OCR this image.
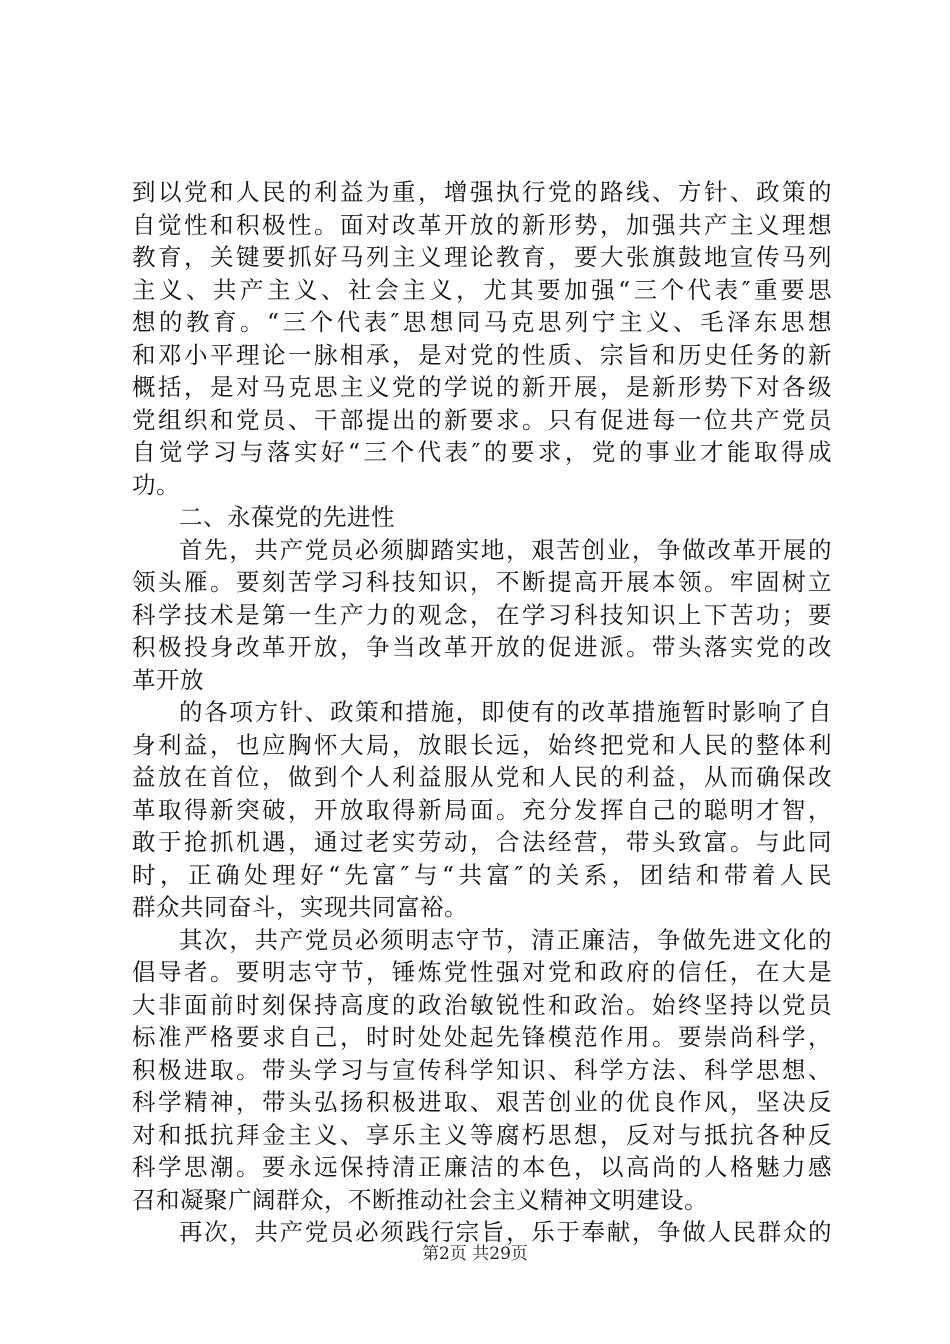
到以党和人民的利益为重，增强执行党的路线、方针、政策的
自觉性和积极性。面对改革开放的新形势，加强共产主义理想
教育，关键要抓好马列主义理论教育，要大张旗鼓地宣传马列
主义、共产主义、社会主义，尤其要加强“三个代表″重要思
想的教育。“三个代表″思想同马克思列宁主义、毛泽东思想
和邓小平理论一脉相承，是对党的性质、宗旨和历史任务的新
概括，是对马克思主义党的学说的新开展，是新形势下对各级
党组织和党员、干部提出的新要求。只有促进每一位共产党员
自觉学习与落实好“三个代表″的要求，党的事业才能取得成
功。
二、永葆党的先进性
首先，共产党员必须脚踏实地，艰苦创业，争做改革开展的
领头雁。要刻苦学习科技知识，不断提高开展本领。牢固树立
科学技术是第一生产力的观念，在学习科技知识上下苦功；要
积极投身改革开放，争当改革开放的促进派。带头落实党的改
革开放
的各项方针、政策和措施，即使有的改革措施暂时影响了自
身利益，也应胸怀大局，放眼长远，始终把党和人民的整体利
益放在首位，做到个人利益服从党和人民的利益，从而确保改
革取得新突破，开放取得新局面。充分发挥自己的聪明才智，
敢于抢抓机遇，通过老实劳动，合法经营，带头致富。与此同
时，正确处理好“先富″与“共富″的关系，团结和带着人民
群众共同奋斗，实现共同富裕。
其次，共产党员必须明志守节，清正廉洁，争做先进文化的
倡导者。要明志守节，锤炼党性强对党和政府的信任，在大是
大非面前时刻保持高度的政治敏锐性和政治。始终坚持以党员
标准严格要求自己，时时处处起先锋模范作用。要崇尚科学，
积极进取。带头学习与宣传科学知识、科学方法、科学思想、
科学精神，带头弘扬积极进取、艰苦创业的优良作风，坚决反
对和抵抗拜金主义、享乐主义等腐朽思想，反对与抵抗各种反
科学思潮。要永远保持清正廉洁的本色，以高尚的人格魅力感
召和凝聚广阔群众，不断推动社会主义精神文明建设。
再次，共产党员必须践行宗旨，乐于奉献，争做人民群众的
第2页 共29页
